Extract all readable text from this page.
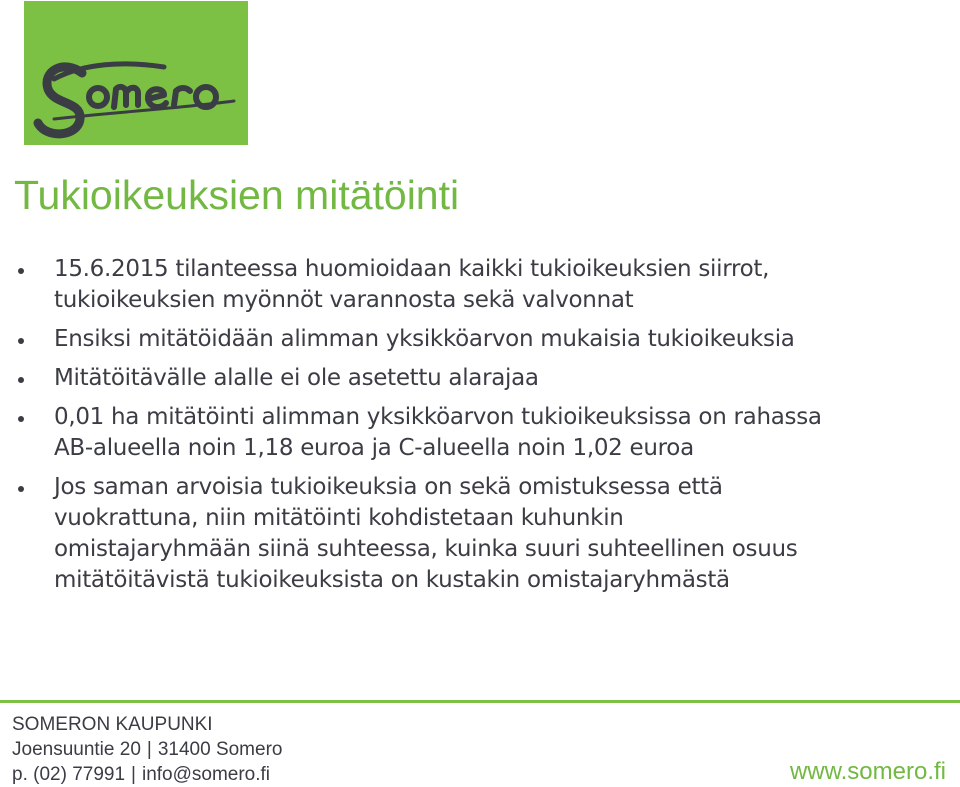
Tukioikeuksien mitätöinti
15.6.2015 tilanteessa huomioidaan kaikki tukioikeuksien siirrot,
tukioikeuksien myönnöt varannosta sekä valvonnat
Ensiksi mitätöidään alimman yksikköarvon mukaisia tukioikeuksia
Mitätöitävälle alalle ei ole asetettu alarajaa
0,01 ha mitätöinti alimman yksikköarvon tukioikeuksissa on rahassa
AB-alueella noin 1,18 euroa ja C-alueella noin 1,02 euroa
Jos saman arvoisia tukioikeuksia on sekä omistuksessa että
vuokrattuna, niin mitätöinti kohdistetaan kuhunkin
omistajaryhmään siinä suhteessa, kuinka suuri suhteellinen osuus
mitätöitävistä tukioikeuksista on kustakin omistajaryhmästä
SOMERON KAUPUNKI
Joensuuntie 20 | 31400 Somero
p. (02) 77991 | info@somero.fi	www.somero.fi
